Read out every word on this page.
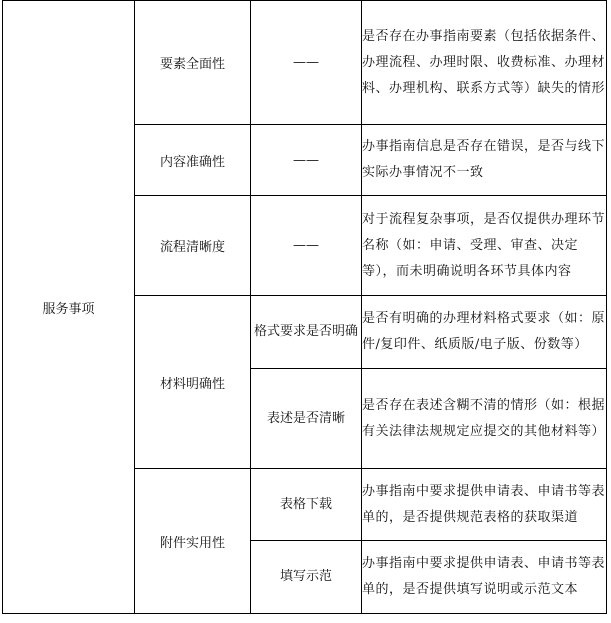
服务事项	要素全面性	——	是否存在办事指南要素（包括依据条件、办理流程、办理时限、收费标准、办理材料、办理机构、联系方式等）缺失的情形
	内容准确性	——	办事指南信息是否存在错误，是否与线下实际办事情况不一致
	流程清晰度	——	对于流程复杂事项，是否仅提供办理环节名称（如：申请、受理、审查、决定等），而未明确说明各环节具体内容
	材料明确性	格式要求是否明确	是否有明确的办理材料格式要求（如：原件/复印件、纸质版/电子版、份数等）
		表述是否清晰	是否存在表述含糊不清的情形（如：根据有关法律法规规定应提交的其他材料等）
	附件实用性	表格下载	办事指南中要求提供申请表、申请书等表单的，是否提供规范表格的获取渠道
		填写示范	办事指南中要求提供申请表、申请书等表单的，是否提供填写说明或示范文本
